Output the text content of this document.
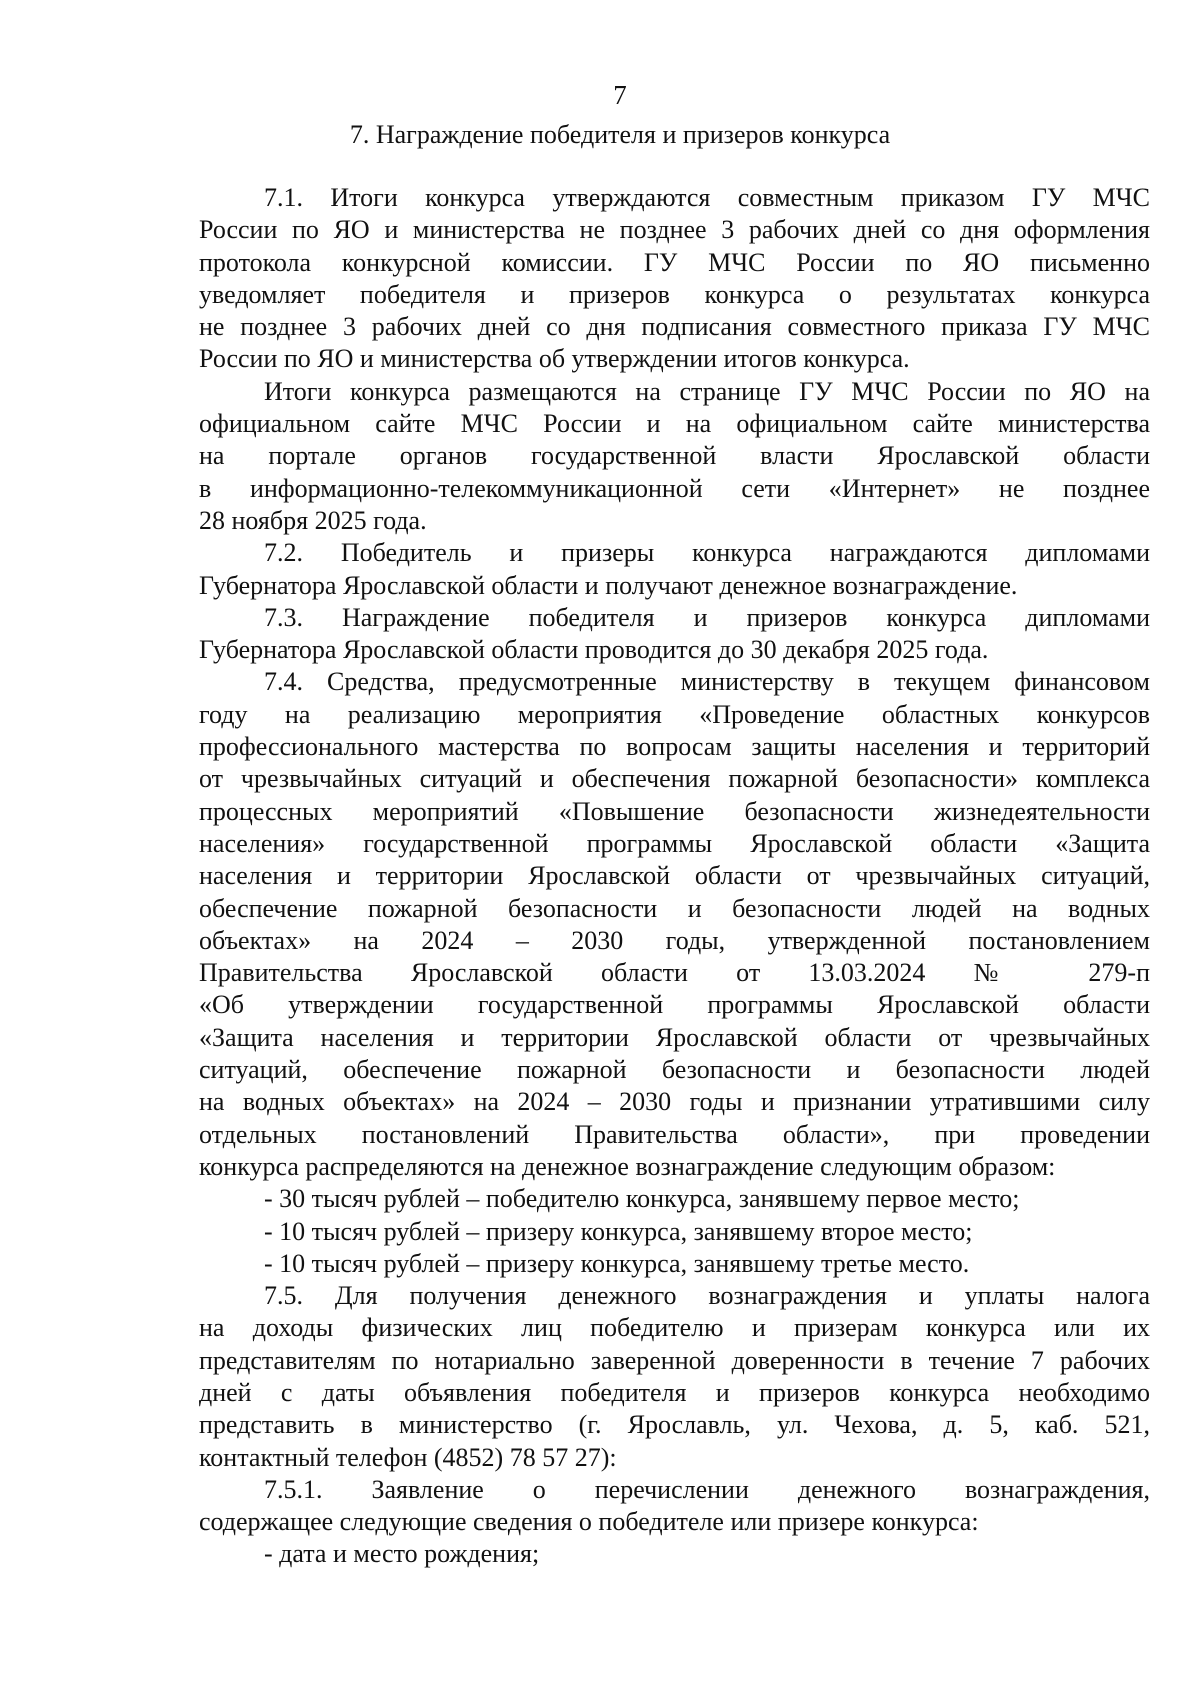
7
7. Награждение победителя и призеров конкурса
7.1. Итоги конкурса утверждаются совместным приказом ГУ МЧС
России по ЯО и министерства не позднее 3 рабочих дней со дня оформления
протокола конкурсной комиссии. ГУ МЧС России по ЯО письменно
уведомляет победителя и призеров конкурса о результатах конкурса
не позднее 3 рабочих дней со дня подписания совместного приказа ГУ МЧС
России по ЯО и министерства об утверждении итогов конкурса.
Итоги конкурса размещаются на странице ГУ МЧС России по ЯО на
официальном сайте МЧС России и на официальном сайте министерства
на портале органов государственной власти Ярославской области
в информационно-телекоммуникационной сети «Интернет» не позднее
28 ноября 2025 года.
7.2. Победитель и призеры конкурса награждаются дипломами
Губернатора Ярославской области и получают денежное вознаграждение.
7.3. Награждение победителя и призеров конкурса дипломами
Губернатора Ярославской области проводится до 30 декабря 2025 года.
7.4. Средства, предусмотренные министерству в текущем финансовом
году на реализацию мероприятия «Проведение областных конкурсов
профессионального мастерства по вопросам защиты населения и территорий
от чрезвычайных ситуаций и обеспечения пожарной безопасности» комплекса
процессных мероприятий «Повышение безопасности жизнедеятельности
населения» государственной программы Ярославской области «Защита
населения и территории Ярославской области от чрезвычайных ситуаций,
обеспечение пожарной безопасности и безопасности людей на водных
объектах» на 2024 – 2030 годы, утвержденной постановлением
Правительства Ярославской области от 13.03.2024 № 279-п
«Об утверждении государственной программы Ярославской области
«Защита населения и территории Ярославской области от чрезвычайных
ситуаций, обеспечение пожарной безопасности и безопасности людей
на водных объектах» на 2024 – 2030 годы и признании утратившими силу
отдельных постановлений Правительства области», при проведении
конкурса распределяются на денежное вознаграждение следующим образом:
- 30 тысяч рублей – победителю конкурса, занявшему первое место;
- 10 тысяч рублей – призеру конкурса, занявшему второе место;
- 10 тысяч рублей – призеру конкурса, занявшему третье место.
7.5. Для получения денежного вознаграждения и уплаты налога
на доходы физических лиц победителю и призерам конкурса или их
представителям по нотариально заверенной доверенности в течение 7 рабочих
дней с даты объявления победителя и призеров конкурса необходимо
представить в министерство (г. Ярославль, ул. Чехова, д. 5, каб. 521,
контактный телефон (4852) 78 57 27):
7.5.1. Заявление о перечислении денежного вознаграждения,
содержащее следующие сведения о победителе или призере конкурса:
- дата и место рождения;
